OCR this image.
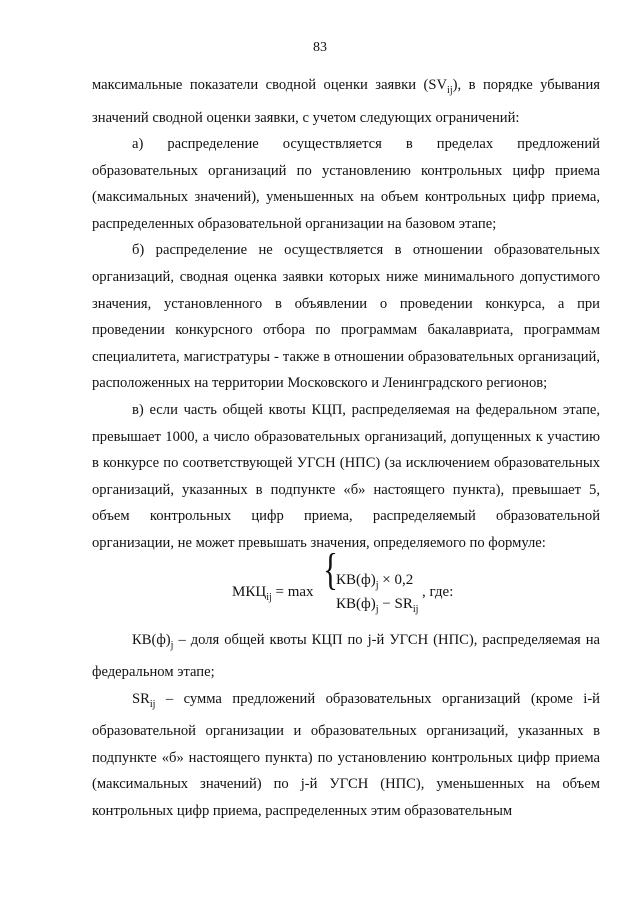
83

максимальные показатели сводной оценки заявки $(SV_{ij})$, в порядке убывания значений сводной оценки заявки, с учетом следующих ограничений:

а) распределение осуществляется в пределах предложений образовательных организаций по установлению контрольных цифр приема (максимальных значений), уменьшенных на объем контрольных цифр приема, распределенных образовательной организации на базовом этапе;

б) распределение не осуществляется в отношении образовательных организаций, сводная оценка заявки которых ниже минимального допустимого значения, установленного в объявлении о проведении конкурса, а при проведении конкурсного отбора по программам бакалавриата, программам специалитета, магистратуры - также в отношении образовательных организаций, расположенных на территории Московского и Ленинградского регионов;

в) если часть общей квоты КЦП, распределяемая на федеральном этапе, превышает 1000, а число образовательных организаций, допущенных к участию в конкурсе по соответствующей УГСН (НПС) (за исключением образовательных организаций, указанных в подпункте «б» настоящего пункта), превышает 5, объем контрольных цифр приема, распределяемый образовательной организации, не может превышать значения, определяемого по формуле:

$МКЦ_{ij} = \max$ {
$КВ(ф)_j \times 0,2$
$КВ(ф)_j - SR_{ij}$
, где:

$КВ(ф)_j$ – доля общей квоты КЦП по j-й УГСН (НПС), распределяемая на федеральном этапе;

$SR_{ij}$ – сумма предложений образовательных организаций (кроме i-й образовательной организации и образовательных организаций, указанных в подпункте «б» настоящего пункта) по установлению контрольных цифр приема (максимальных значений) по j-й УГСН (НПС), уменьшенных на объем контрольных цифр приема, распределенных этим образовательным
